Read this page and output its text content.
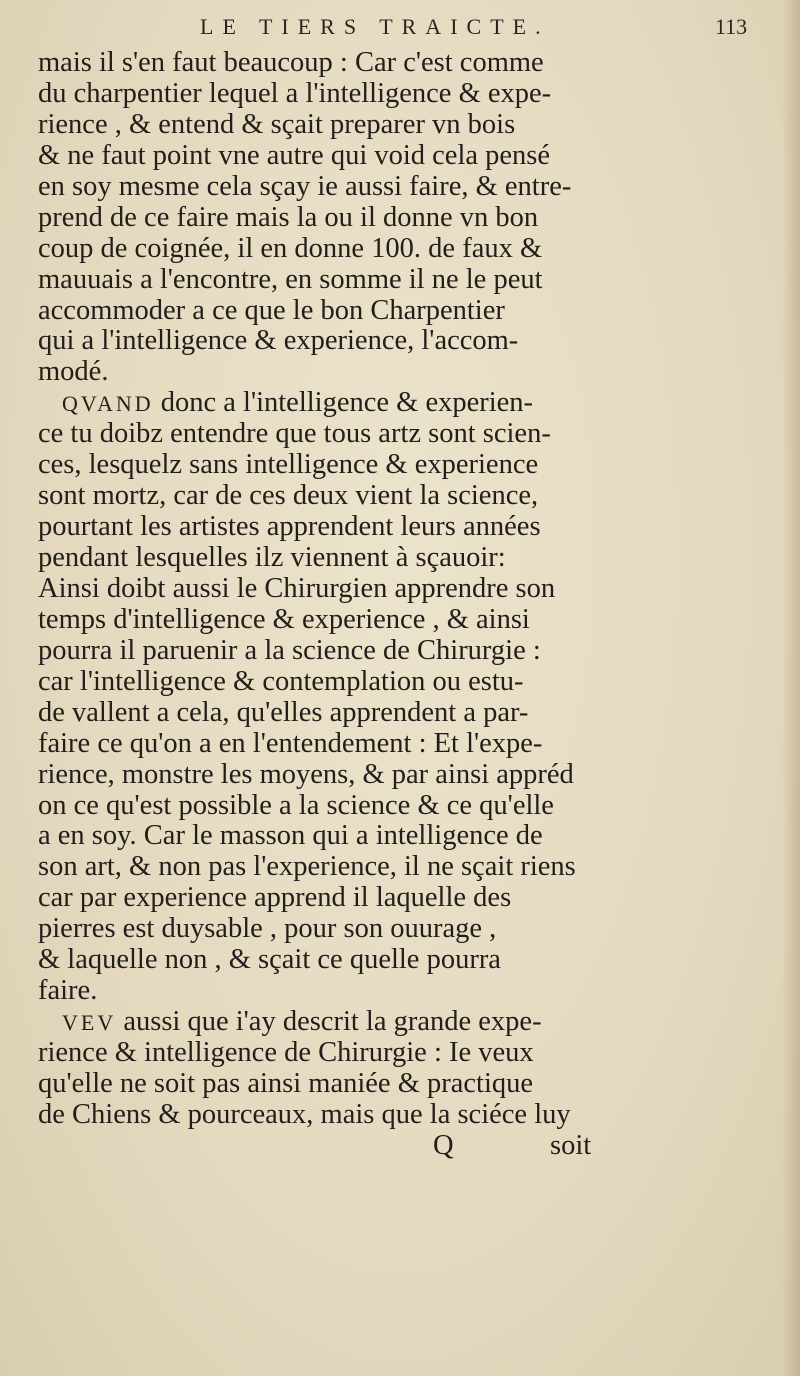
LE TIERS TRAICTE.	113
mais il s'en faut beaucoup : Car c'est comme
du charpentier lequel a l'intelligence & expe-
rience , & entend & sçait preparer vn bois
& ne faut point vne autre qui void cela pensé
en soy mesme cela sçay ie aussi faire, & entre-
prend de ce faire mais la ou il donne vn bon
coup de coignée, il en donne 100. de faux &
mauuais a l'encontre, en somme il ne le peut
accommoder a ce que le bon Charpentier
qui a l'intelligence & experience, l'accom-
modé.
QVAND donc a l'intelligence & experien-
ce tu doibz entendre que tous artz sont scien-
ces, lesquelz sans intelligence & experience
sont mortz, car de ces deux vient la science,
pourtant les artistes apprendent leurs années
pendant lesquelles ilz viennent à sçauoir:
Ainsi doibt aussi le Chirurgien apprendre son
temps d'intelligence & experience , & ainsi
pourra il paruenir a la science de Chirurgie :
car l'intelligence & contemplation ou estu-
de vallent a cela, qu'elles apprendent a par-
faire ce qu'on a en l'entendement : Et l'expe-
rience, monstre les moyens, & par ainsi appréd
on ce qu'est possible a la science & ce qu'elle
a en soy. Car le masson qui a intelligence de
son art, & non pas l'experience, il ne sçait riens
car par experience apprend il laquelle des
pierres est duysable , pour son ouurage ,
& laquelle non , & sçait ce quelle pourra
faire.
VEV aussi que i'ay descrit la grande expe-
rience & intelligence de Chirurgie : Ie veux
qu'elle ne soit pas ainsi maniée & practique
de Chiens & pourceaux, mais que la sciéce luy
Q	soit
